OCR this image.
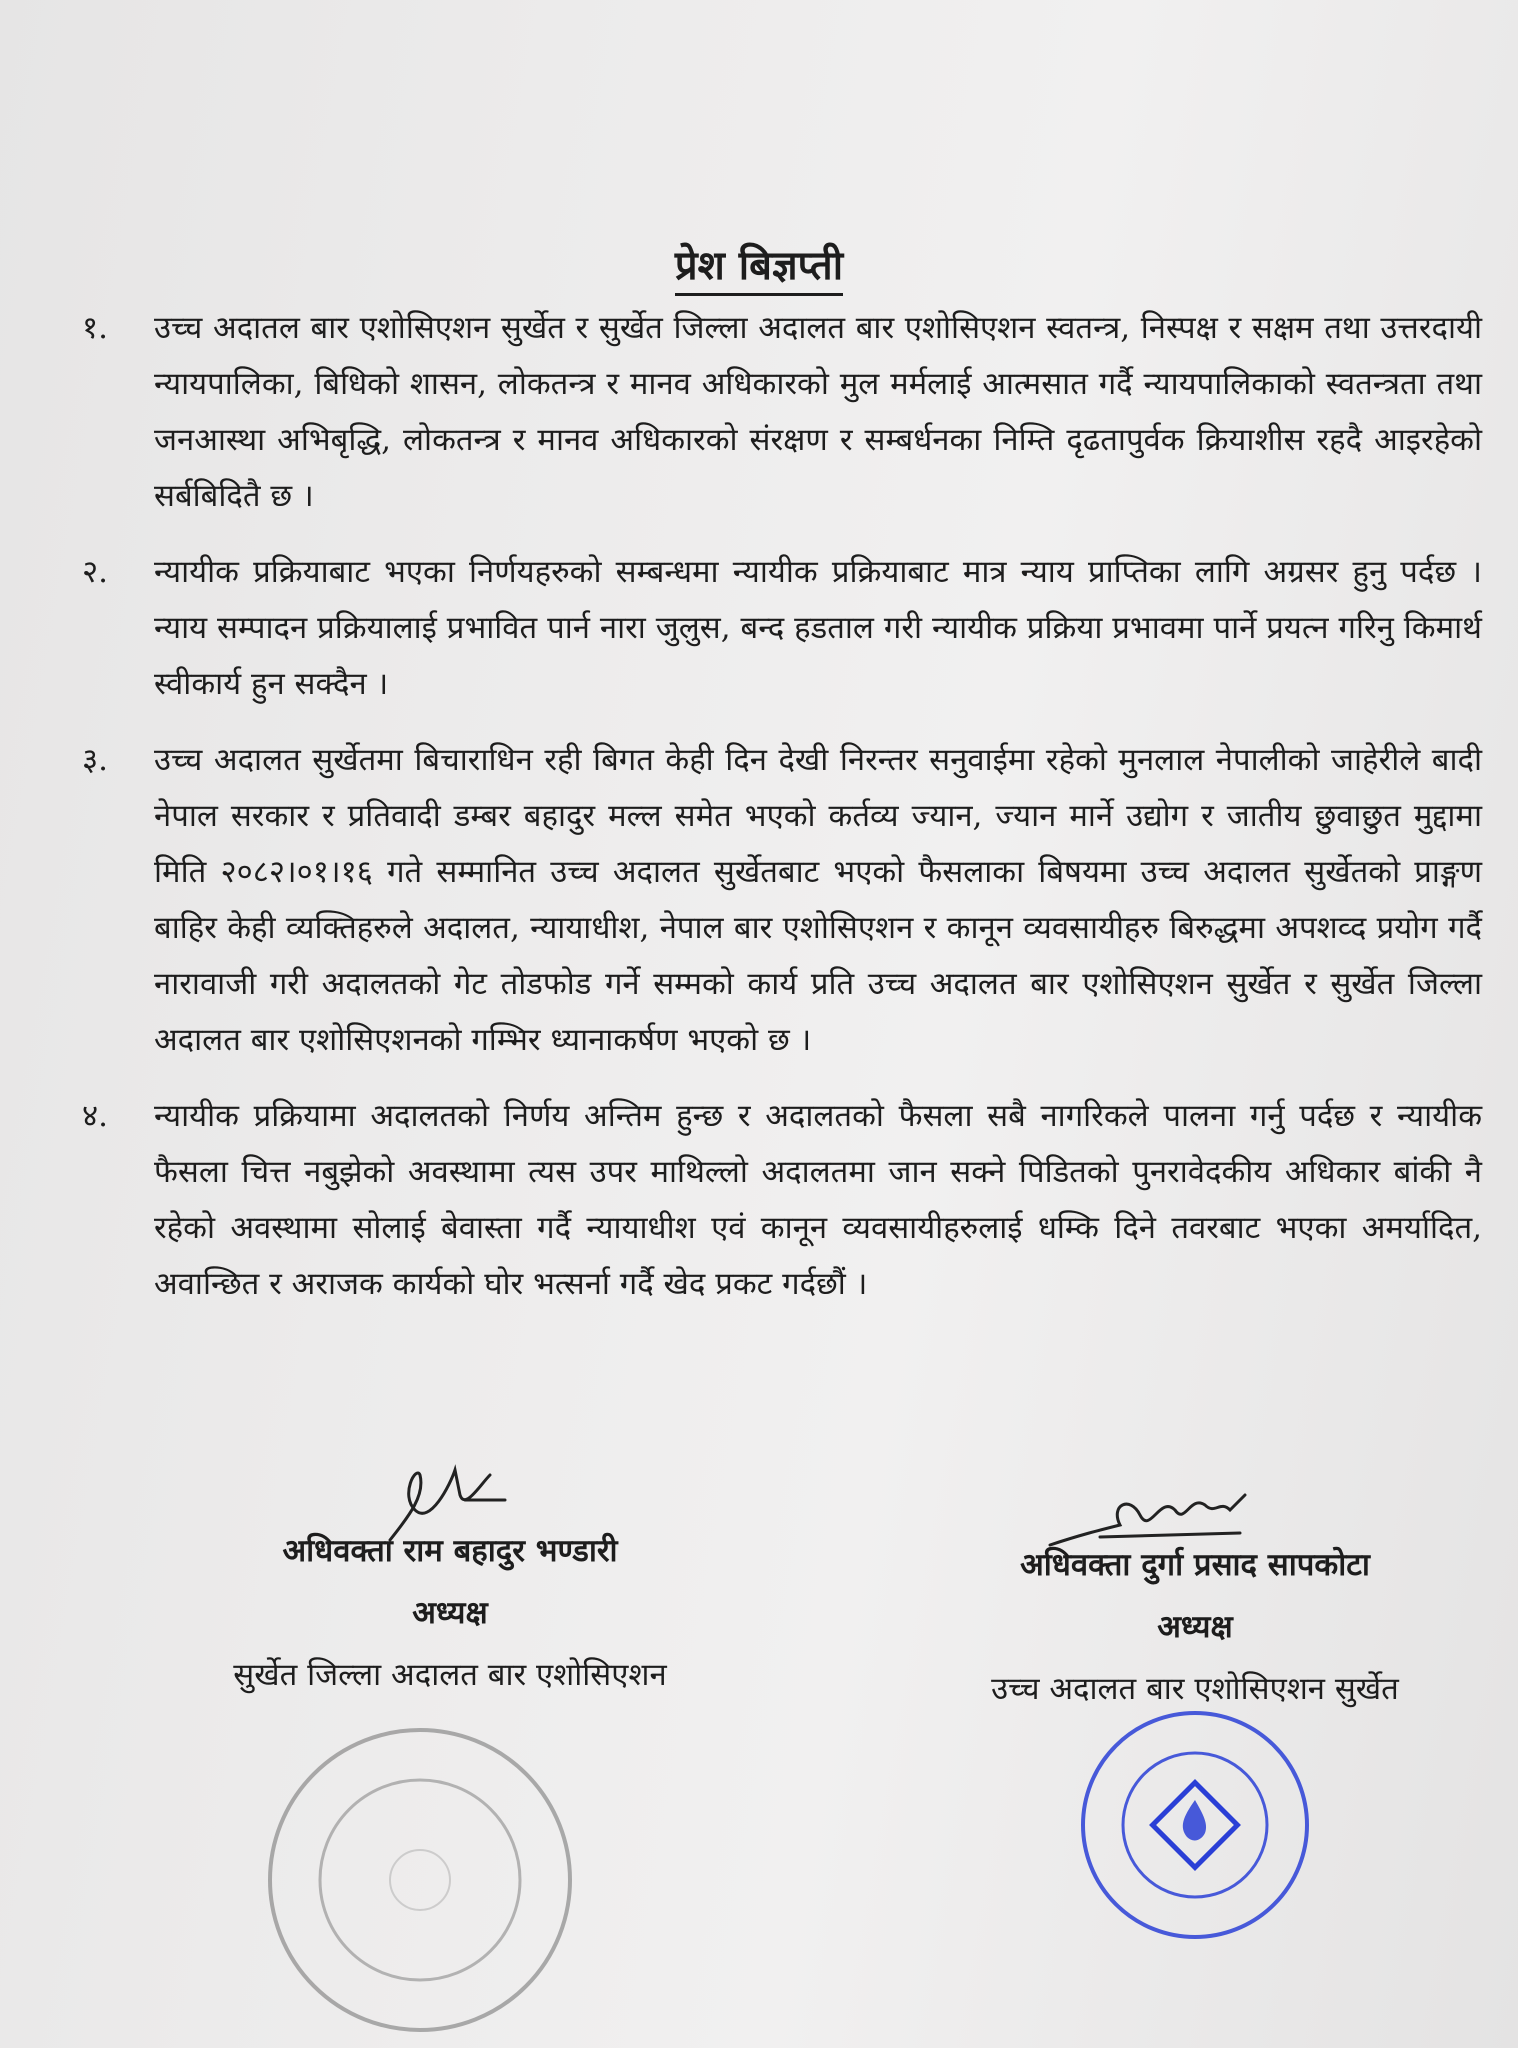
प्रेश बिज्ञप्ती
१.	उच्च अदातल बार एशोसिएशन सुर्खेत र सुर्खेत जिल्ला अदालत बार एशोसिएशन स्वतन्त्र, निस्पक्ष र सक्षम तथा उत्तरदायी न्यायपालिका, बिधिको शासन, लोकतन्त्र र मानव अधिकारको मुल मर्मलाई आत्मसात गर्दै न्यायपालिकाको स्वतन्त्रता तथा जनआस्था अभिबृद्धि, लोकतन्त्र र मानव अधिकारको संरक्षण र सम्बर्धनका निम्ति दृढतापुर्वक क्रियाशीस रहदै आइरहेको सर्बबिदितै छ ।
२.	न्यायीक प्रक्रियाबाट भएका निर्णयहरुको सम्बन्धमा न्यायीक प्रक्रियाबाट मात्र न्याय प्राप्तिका लागि अग्रसर हुनु पर्दछ । न्याय सम्पादन प्रक्रियालाई प्रभावित पार्न नारा जुलुस, बन्द हडताल गरी न्यायीक प्रक्रिया प्रभावमा पार्ने प्रयत्न गरिनु किमार्थ स्वीकार्य हुन सक्दैन ।
३.	उच्च अदालत सुर्खेतमा बिचाराधिन रही बिगत केही दिन देखी निरन्तर सनुवाईमा रहेको मुनलाल नेपालीको जाहेरीले बादी नेपाल सरकार र प्रतिवादी डम्बर बहादुर मल्ल समेत भएको कर्तव्य ज्यान, ज्यान मार्ने उद्योग र जातीय छुवाछुत मुद्दामा मिति २०८२।०१।१६ गते सम्मानित उच्च अदालत सुर्खेतबाट भएको फैसलाका बिषयमा उच्च अदालत सुर्खेतको प्राङ्गण बाहिर केही व्यक्तिहरुले अदालत, न्यायाधीश, नेपाल बार एशोसिएशन र कानून व्यवसायीहरु बिरुद्धमा अपशव्द प्रयोग गर्दै नारावाजी गरी अदालतको गेट तोडफोड गर्ने सम्मको कार्य प्रति उच्च अदालत बार एशोसिएशन सुर्खेत र सुर्खेत जिल्ला अदालत बार एशोसिएशनको गम्भिर ध्यानाकर्षण भएको छ ।
४.	न्यायीक प्रक्रियामा अदालतको निर्णय अन्तिम हुन्छ र अदालतको फैसला सबै नागरिकले पालना गर्नु पर्दछ र न्यायीक फैसला चित्त नबुझेको अवस्थामा त्यस उपर माथिल्लो अदालतमा जान सक्ने पिडितको पुनरावेदकीय अधिकार बांकी नै रहेको अवस्थामा सोलाई बेवास्ता गर्दै न्यायाधीश एवं कानून व्यवसायीहरुलाई धम्कि दिने तवरबाट भएका अमर्यादित, अवान्छित र अराजक कार्यको घोर भत्सर्ना गर्दै खेद प्रकट गर्दछौं ।
अधिवक्ता राम बहादुर भण्डारी
अध्यक्ष
सुर्खेत जिल्ला अदालत बार एशोसिएशन
अधिवक्ता दुर्गा प्रसाद सापकोटा
अध्यक्ष
उच्च अदालत बार एशोसिएशन सुर्खेत
